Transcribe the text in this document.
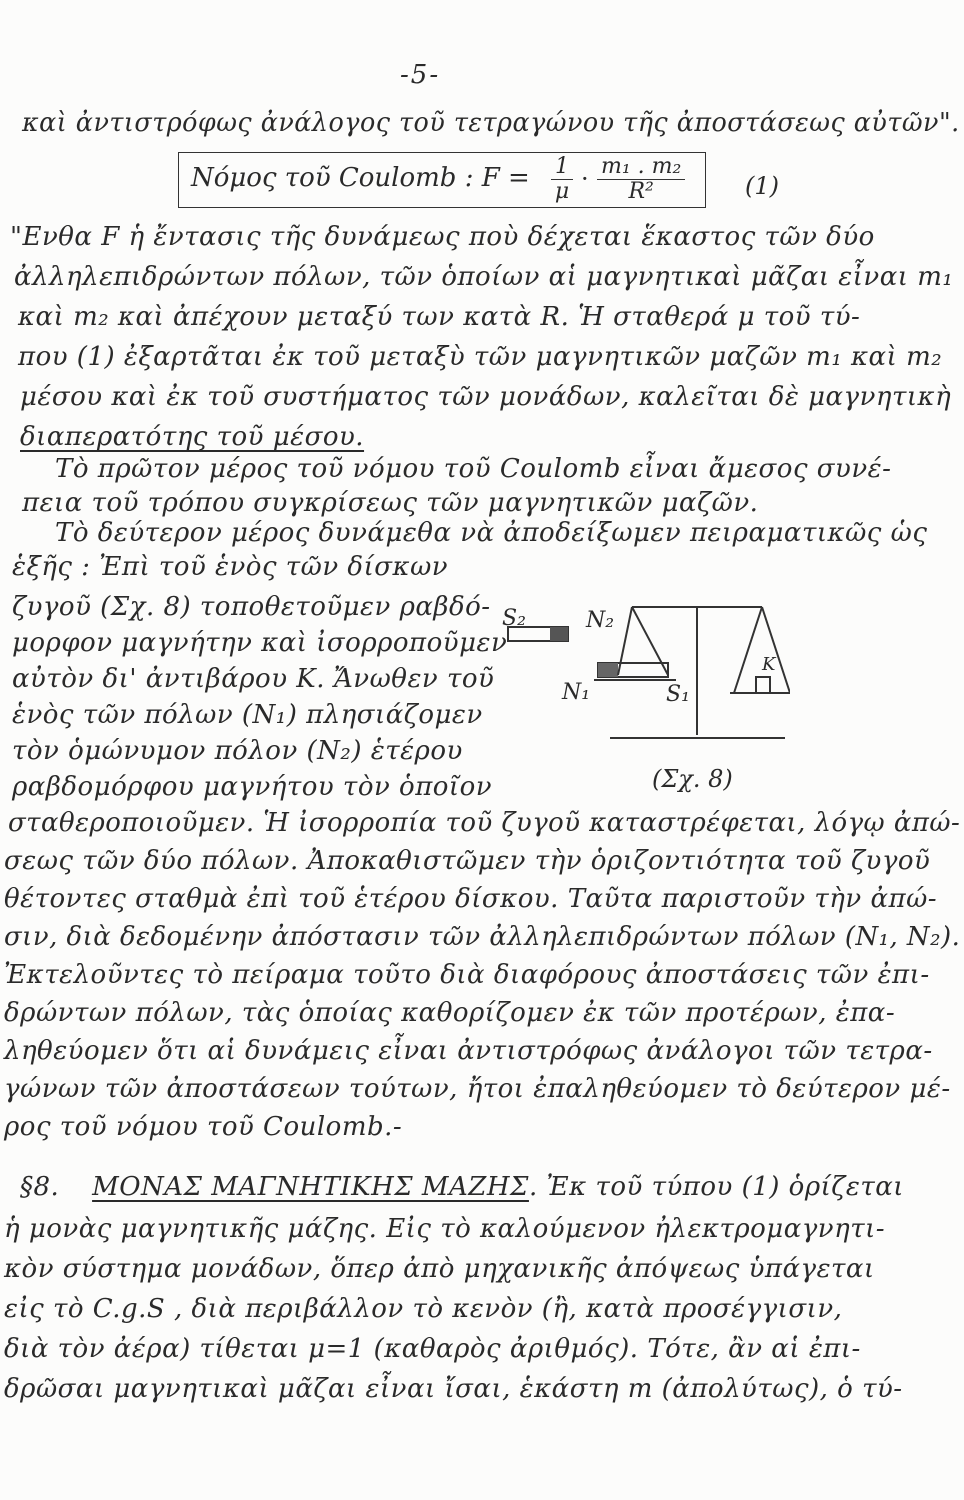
-5-
καὶ ἀντιστρόφως ἀνάλογος τοῦ τετραγώνου τῆς ἀποστάσεως αὐτῶν".
Νόμος τοῦ Coulomb : $F = \frac{1}{\mu} \cdot \frac{\text{m₁ . m₂}}{\text{R²}} (1)$
"Ενθα F ἡ ἔντασις τῆς δυνάμεως ποὺ δέχεται ἕκαστος τῶν δύο
ἀλληλεπιδρώντων πόλων, τῶν ὁποίων αἱ μαγνητικαὶ μᾶζαι εἶναι m₁
καὶ m₂ καὶ ἀπέχουν μεταξύ των κατὰ R. Ἡ σταθερά μ τοῦ τύ-
που (1) ἐξαρτᾶται ἐκ τοῦ μεταξὺ τῶν μαγνητικῶν μαζῶν m₁ καὶ m₂
μέσου καὶ ἐκ τοῦ συστήματος τῶν μονάδων, καλεῖται δὲ μαγνητικὴ
διαπερατότης τοῦ μέσου.
Τὸ πρῶτον μέρος τοῦ νόμου τοῦ Coulomb εἶναι ἄμεσος συνέ-
πεια τοῦ τρόπου συγκρίσεως τῶν μαγνητικῶν μαζῶν.
Τὸ δεύτερον μέρος δυνάμεθα νὰ ἀποδείξωμεν πειραματικῶς ὡς
ἑξῆς : Ἐπὶ τοῦ ἑνὸς τῶν δίσκων
ζυγοῦ (Σχ. 8) τοποθετοῦμεν ραβδό-
μορφον μαγνήτην καὶ ἰσορροποῦμεν
αὐτὸν δι' ἀντιβάρου Κ. Ἄνωθεν τοῦ
ἑνὸς τῶν πόλων (N₁) πλησιάζομεν
τὸν ὁμώνυμον πόλον (N₂) ἑτέρου
ραβδομόρφου μαγνήτου τὸν ὁποῖον
S₂	N₂
N₁	S₁
K
(Σχ. 8)
σταθεροποιοῦμεν. Ἡ ἰσορροπία τοῦ ζυγοῦ καταστρέφεται, λόγῳ ἀπώ-
σεως τῶν δύο πόλων. Ἀποκαθιστῶμεν τὴν ὁριζοντιότητα τοῦ ζυγοῦ
θέτοντες σταθμὰ ἐπὶ τοῦ ἑτέρου δίσκου. Ταῦτα παριστοῦν τὴν ἀπώ-
σιν, διὰ δεδομένην ἀπόστασιν τῶν ἀλληλεπιδρώντων πόλων (N₁, N₂).
Ἐκτελοῦντες τὸ πείραμα τοῦτο διὰ διαφόρους ἀποστάσεις τῶν ἐπι-
δρώντων πόλων, τὰς ὁποίας καθορίζομεν ἐκ τῶν προτέρων, ἐπα-
ληθεύομεν ὅτι αἱ δυνάμεις εἶναι ἀντιστρόφως ἀνάλογοι τῶν τετρα-
γώνων τῶν ἀποστάσεων τούτων, ἤτοι ἐπαληθεύομεν τὸ δεύτερον μέ-
ρος τοῦ νόμου τοῦ Coulomb.-
§8. ΜΟΝΑΣ ΜΑΓΝΗΤΙΚΗΣ ΜΑΖΗΣ. Ἐκ τοῦ τύπου (1) ὁρίζεται
ἡ μονὰς μαγνητικῆς μάζης. Εἰς τὸ καλούμενον ἠλεκτρομαγνητι-
κὸν σύστημα μονάδων, ὅπερ ἀπὸ μηχανικῆς ἀπόψεως ὑπάγεται
εἰς τὸ C.g.S , διὰ περιβάλλον τὸ κενὸν (ἢ, κατὰ προσέγγισιν,
διὰ τὸν ἀέρα) τίθεται μ=1 (καθαρὸς ἀριθμός). Τότε, ἂν αἱ ἐπι-
δρῶσαι μαγνητικαὶ μᾶζαι εἶναι ἴσαι, ἑκάστη m (ἀπολύτως), ὁ τύ-
